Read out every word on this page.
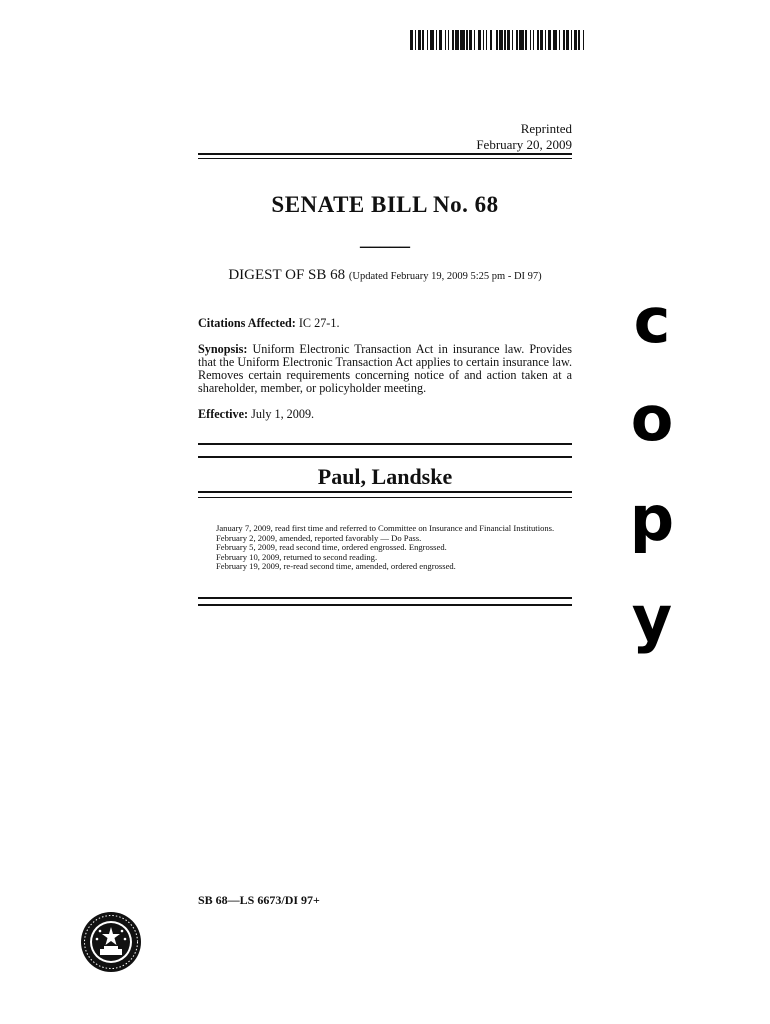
Reprinted
February 20, 2009
SENATE BILL No. 68
_____
DIGEST OF SB 68 (Updated February 19, 2009 5:25 pm - DI 97)
Citations Affected: IC 27-1.
Synopsis: Uniform Electronic Transaction Act in insurance law. Provides that the Uniform Electronic Transaction Act applies to certain insurance law. Removes certain requirements concerning notice of and action taken at a shareholder, member, or policyholder meeting.
Effective: July 1, 2009.
Paul, Landske
January 7, 2009, read first time and referred to Committee on Insurance and Financial Institutions.
February 2, 2009, amended, reported favorably — Do Pass.
February 5, 2009, read second time, ordered engrossed. Engrossed.
February 10, 2009, returned to second reading.
February 19, 2009, re-read second time, amended, ordered engrossed.
c
o
p
y
SB 68—LS 6673/DI 97+
